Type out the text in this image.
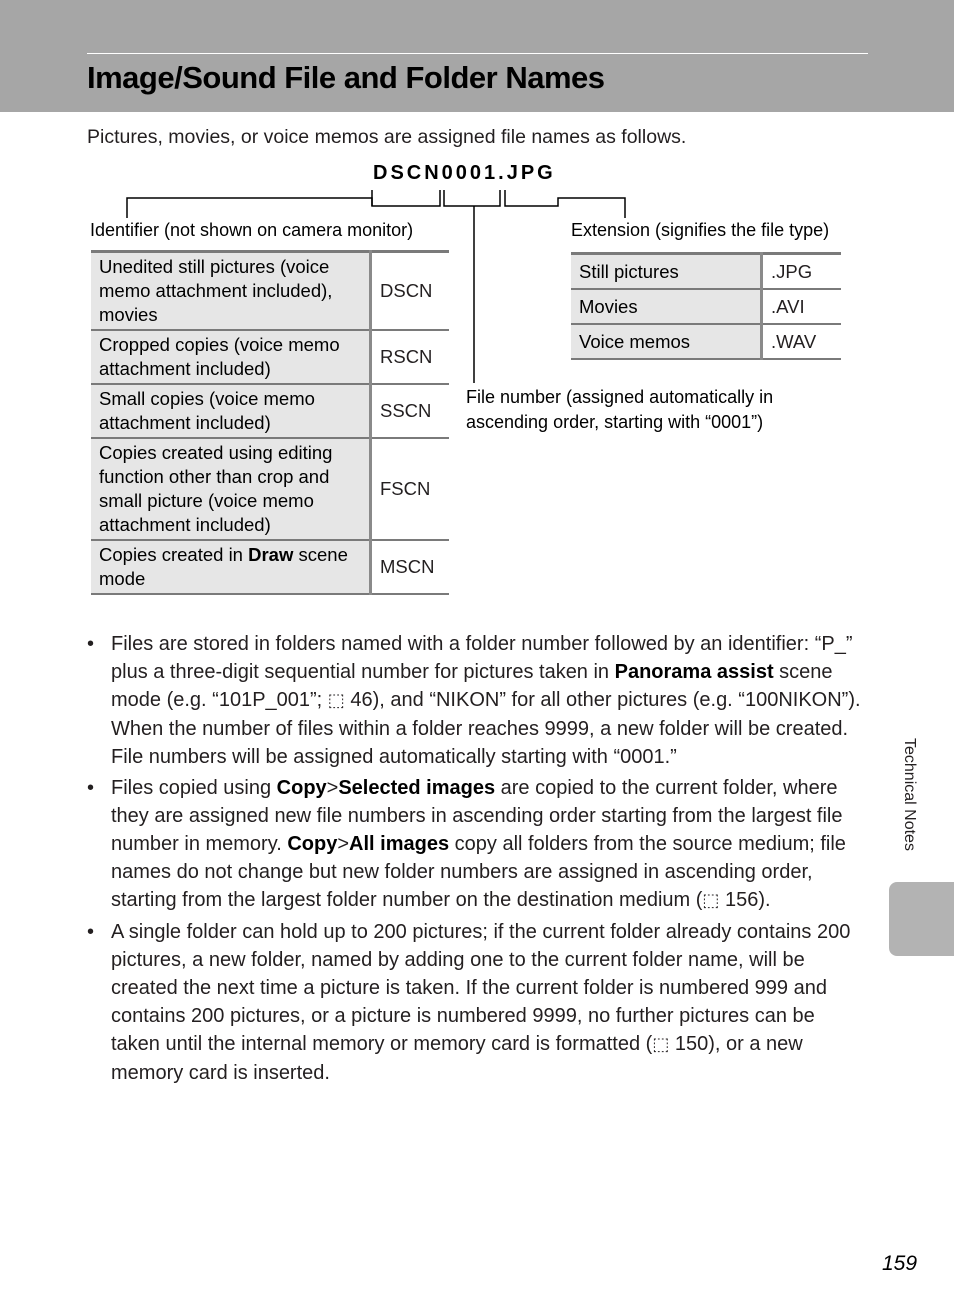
Image/Sound File and Folder Names
Pictures, movies, or voice memos are assigned file names as follows.
DSCN0001.JPG
Identifier (not shown on camera monitor)	Extension (signifies the file type)
File number (assigned automatically in ascending order, starting with “0001”)
Unedited still pictures (voice memo attachment included), movies	DSCN
Cropped copies (voice memo attachment included)	RSCN
Small copies (voice memo attachment included)	SSCN
Copies created using editing function other than crop and small picture (voice memo attachment included)	FSCN
Copies created in Draw scene mode	MSCN
Still pictures	.JPG
Movies	.AVI
Voice memos	.WAV
• Files are stored in folders named with a folder number followed by an identifier: “P_” plus a three-digit sequential number for pictures taken in Panorama assist scene mode (e.g. “101P_001”; ⬚ 46), and “NIKON” for all other pictures (e.g. “100NIKON”). When the number of files within a folder reaches 9999, a new folder will be created. File numbers will be assigned automatically starting with “0001.”
• Files copied using Copy>Selected images are copied to the current folder, where they are assigned new file numbers in ascending order starting from the largest file number in memory. Copy>All images copy all folders from the source medium; file names do not change but new folder numbers are assigned in ascending order, starting from the largest folder number on the destination medium (⬚ 156).
• A single folder can hold up to 200 pictures; if the current folder already contains 200 pictures, a new folder, named by adding one to the current folder name, will be created the next time a picture is taken. If the current folder is numbered 999 and contains 200 pictures, or a picture is numbered 9999, no further pictures can be taken until the internal memory or memory card is formatted (⬚ 150), or a new memory card is inserted.
Technical Notes
159
